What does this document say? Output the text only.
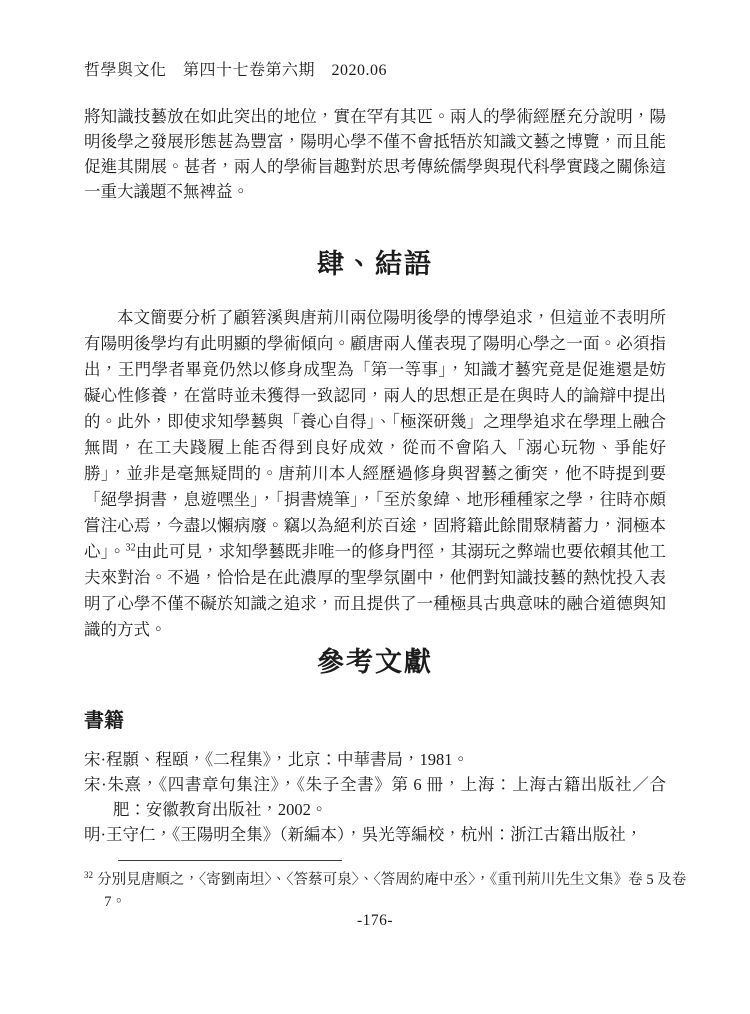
哲學與文化　第四十七卷第六期　2020.06

將知識技藝放在如此突出的地位，實在罕有其匹。兩人的學術經歷充分說明，陽明後學之發展形態甚為豐富，陽明心學不僅不會抵牾於知識文藝之博覽，而且能促進其開展。甚者，兩人的學術旨趣對於思考傳統儒學與現代科學實踐之關係這一重大議題不無裨益。

肆、結語

本文簡要分析了顧箬溪與唐荊川兩位陽明後學的博學追求，但這並不表明所有陽明後學均有此明顯的學術傾向。顧唐兩人僅表現了陽明心學之一面。必須指出，王門學者畢竟仍然以修身成聖為「第一等事」，知識才藝究竟是促進還是妨礙心性修養，在當時並未獲得一致認同，兩人的思想正是在與時人的論辯中提出的。此外，即使求知學藝與「養心自得」、「極深研幾」之理學追求在學理上融合無間，在工夫踐履上能否得到良好成效，從而不會陷入「溺心玩物、爭能好勝」，並非是毫無疑問的。唐荊川本人經歷過修身與習藝之衝突，他不時提到要「絕學捐書，息遊嘿坐」，「捐書燒筆」，「至於象緯、地形種種家之學，往時亦頗嘗注心焉，今盡以懶病廢。竊以為絕利於百途，固將籍此餘閒聚精蓄力，洞極本心」。$^{32}$由此可見，求知學藝既非唯一的修身門徑，其溺玩之弊端也要依賴其他工夫來對治。不過，恰恰是在此濃厚的聖學氛圍中，他們對知識技藝的熱忱投入表明了心學不僅不礙於知識之追求，而且提供了一種極具古典意味的融合道德與知識的方式。

參考文獻
書籍

宋·程顥、程頤，《二程集》，北京：中華書局，1981。

宋·朱熹，《四書章句集注》，《朱子全書》第 6 冊，上海：上海古籍出版社／合肥：安徽教育出版社，2002。

明·王守仁，《王陽明全集》（新編本），吳光等編校，杭州：浙江古籍出版社，

$^{32}$ 分別見唐順之，〈寄劉南坦〉、〈答蔡可泉〉、〈答周約庵中丞〉，《重刊荊川先生文集》卷 5 及卷 7。
-176-
